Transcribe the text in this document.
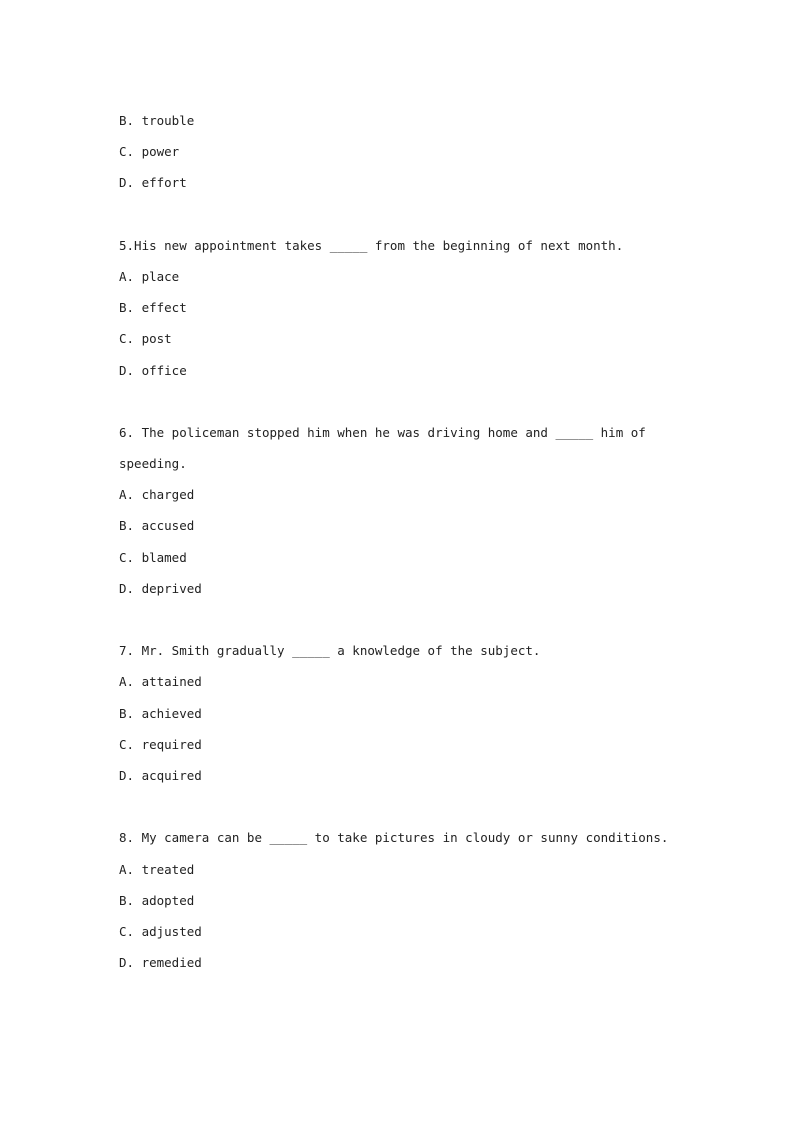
B. trouble
C. power
D. effort
5.His new appointment takes _____ from the beginning of next month.
A. place
B. effect
C. post
D. office
6. The policeman stopped him when he was driving home and _____ him of
speeding.
A. charged
B. accused
C. blamed
D. deprived
7. Mr. Smith gradually _____ a knowledge of the subject.
A. attained
B. achieved
C. required
D. acquired
8. My camera can be _____ to take pictures in cloudy or sunny conditions.
A. treated
B. adopted
C. adjusted
D. remedied
